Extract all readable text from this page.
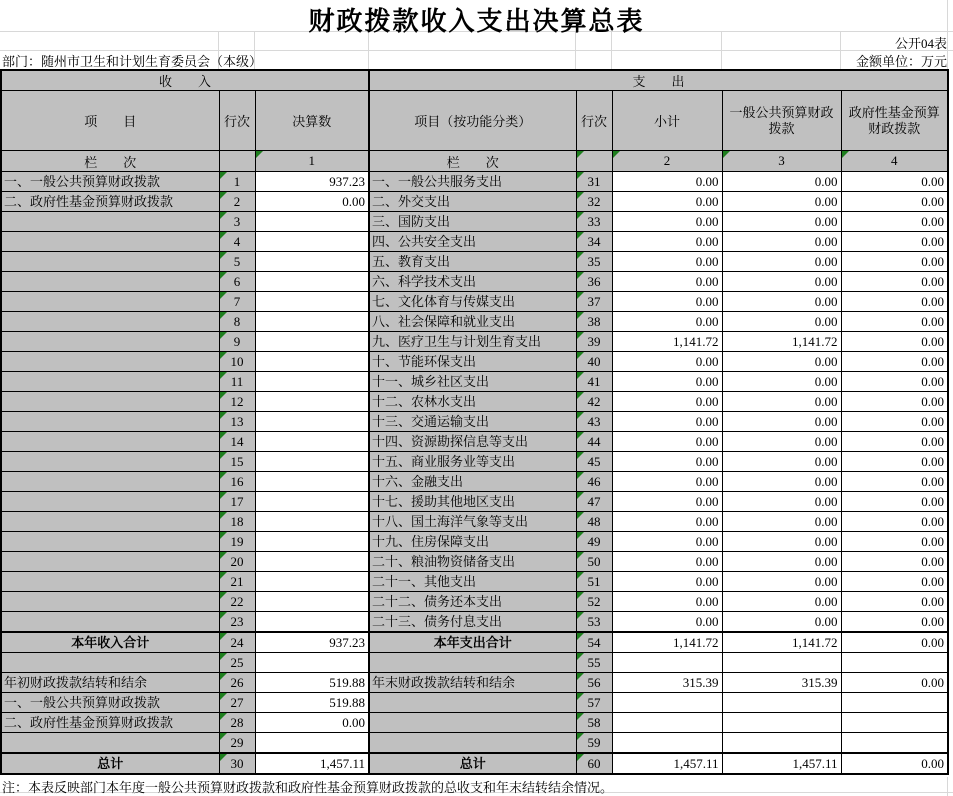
财政拨款收入支出决算总表
公开04表
部门：随州市卫生和计划生育委员会（本级）	金额单位：万元
收　　入			支　　出				
项　　目	行次	决算数	项目（按功能分类）	行次	小计	一般公共预算财政拨款	政府性基金预算财政拨款
栏　　次		1	栏　　次		2	3	4
一、一般公共预算财政拨款	1	937.23	一、一般公共服务支出	31	0.00	0.00	0.00
二、政府性基金预算财政拨款	2	0.00	二、外交支出	32	0.00	0.00	0.00
	3		三、国防支出	33	0.00	0.00	0.00
	4		四、公共安全支出	34	0.00	0.00	0.00
	5		五、教育支出	35	0.00	0.00	0.00
	6		六、科学技术支出	36	0.00	0.00	0.00
	7		七、文化体育与传媒支出	37	0.00	0.00	0.00
	8		八、社会保障和就业支出	38	0.00	0.00	0.00
	9		九、医疗卫生与计划生育支出	39	1,141.72	1,141.72	0.00
	10		十、节能环保支出	40	0.00	0.00	0.00
	11		十一、城乡社区支出	41	0.00	0.00	0.00
	12		十二、农林水支出	42	0.00	0.00	0.00
	13		十三、交通运输支出	43	0.00	0.00	0.00
	14		十四、资源勘探信息等支出	44	0.00	0.00	0.00
	15		十五、商业服务业等支出	45	0.00	0.00	0.00
	16		十六、金融支出	46	0.00	0.00	0.00
	17		十七、援助其他地区支出	47	0.00	0.00	0.00
	18		十八、国土海洋气象等支出	48	0.00	0.00	0.00
	19		十九、住房保障支出	49	0.00	0.00	0.00
	20		二十、粮油物资储备支出	50	0.00	0.00	0.00
	21		二十一、其他支出	51	0.00	0.00	0.00
	22		二十二、债务还本支出	52	0.00	0.00	0.00
	23		二十三、债务付息支出	53	0.00	0.00	0.00
本年收入合计	24	937.23	本年支出合计	54	1,141.72	1,141.72	0.00
	25			55			
年初财政拨款结转和结余	26	519.88	年末财政拨款结转和结余	56	315.39	315.39	0.00
一、一般公共预算财政拨款	27	519.88		57			
二、政府性基金预算财政拨款	28	0.00		58			
	29			59			
总计	30	1,457.11	总计	60	1,457.11	1,457.11	0.00
注：本表反映部门本年度一般公共预算财政拨款和政府性基金预算财政拨款的总收支和年末结转结余情况。
